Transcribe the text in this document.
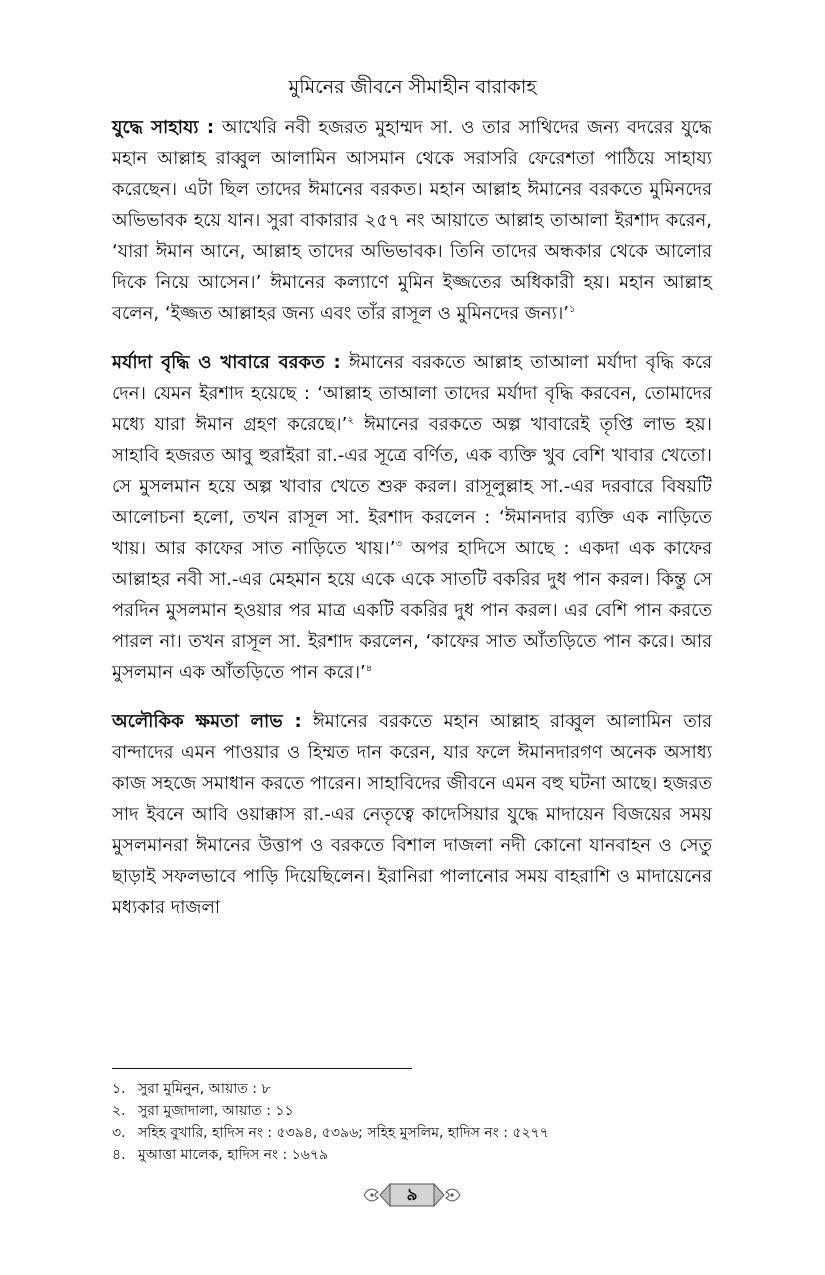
মুমিনের জীবনে সীমাহীন বারাকাহ

যুদ্ধে সাহায্য : আখেরি নবী হজরত মুহাম্মদ সা. ও তার সাথিদের জন্য বদরের যুদ্ধে মহান আল্লাহ রাব্বুল আলামিন আসমান থেকে সরাসরি ফেরেশতা পাঠিয়ে সাহায্য করেছেন। এটা ছিল তাদের ঈমানের বরকত। মহান আল্লাহ ঈমানের বরকতে মুমিনদের অভিভাবক হয়ে যান। সুরা বাকারার ২৫৭ নং আয়াতে আল্লাহ তাআলা ইরশাদ করেন, ‘যারা ঈমান আনে, আল্লাহ তাদের অভিভাবক। তিনি তাদের অন্ধকার থেকে আলোর দিকে নিয়ে আসেন।’ ঈমানের কল্যাণে মুমিন ইজ্জতের অধিকারী হয়। মহান আল্লাহ বলেন, ‘ইজ্জত আল্লাহর জন্য এবং তাঁর রাসূল ও মুমিনদের জন্য।’$^১$

মর্যাদা বৃদ্ধি ও খাবারে বরকত : ঈমানের বরকতে আল্লাহ তাআলা মর্যাদা বৃদ্ধি করে দেন। যেমন ইরশাদ হয়েছে : ‘আল্লাহ তাআলা তাদের মর্যাদা বৃদ্ধি করবেন, তোমাদের মধ্যে যারা ঈমান গ্রহণ করেছে।’$^২$ ঈমানের বরকতে অল্প খাবারেই তৃপ্তি লাভ হয়। সাহাবি হজরত আবু হুরাইরা রা.-এর সূত্রে বর্ণিত, এক ব্যক্তি খুব বেশি খাবার খেতো। সে মুসলমান হয়ে অল্প খাবার খেতে শুরু করল। রাসূলুল্লাহ সা.-এর দরবারে বিষয়টি আলোচনা হলো, তখন রাসূল সা. ইরশাদ করলেন : ‘ঈমানদার ব্যক্তি এক নাড়িতে খায়। আর কাফের সাত নাড়িতে খায়।’$^৩$ অপর হাদিসে আছে : একদা এক কাফের আল্লাহর নবী সা.-এর মেহমান হয়ে একে একে সাতটি বকরির দুধ পান করল। কিন্তু সে পরদিন মুসলমান হওয়ার পর মাত্র একটি বকরির দুধ পান করল। এর বেশি পান করতে পারল না। তখন রাসূল সা. ইরশাদ করলেন, ‘কাফের সাত আঁতড়িতে পান করে। আর মুসলমান এক আঁতড়িতে পান করে।’$^৪$

অলৌকিক ক্ষমতা লাভ : ঈমানের বরকতে মহান আল্লাহ রাব্বুল আলামিন তার বান্দাদের এমন পাওয়ার ও হিম্মত দান করেন, যার ফলে ঈমানদারগণ অনেক অসাধ্য কাজ সহজে সমাধান করতে পারেন। সাহাবিদের জীবনে এমন বহু ঘটনা আছে। হজরত সাদ ইবনে আবি ওয়াক্কাস রা.-এর নেতৃত্বে কাদেসিয়ার যুদ্ধে মাদায়েন বিজয়ের সময় মুসলমানরা ঈমানের উত্তাপ ও বরকতে বিশাল দাজলা নদী কোনো যানবাহন ও সেতু ছাড়াই সফলভাবে পাড়ি দিয়েছিলেন। ইরানিরা পালানোর সময় বাহরাশি ও মাদায়েনের মধ্যকার দাজলা

১. সুরা মুমিনুন, আয়াত : ৮
২. সুরা মুজাদালা, আয়াত : ১১
৩. সহিহ বুখারি, হাদিস নং : ৫৩৯৪, ৫৩৯৬; সহিহ মুসলিম, হাদিস নং : ৫২৭৭
৪. মুআত্তা মালেক, হাদিস নং : ১৬৭৯
৯
